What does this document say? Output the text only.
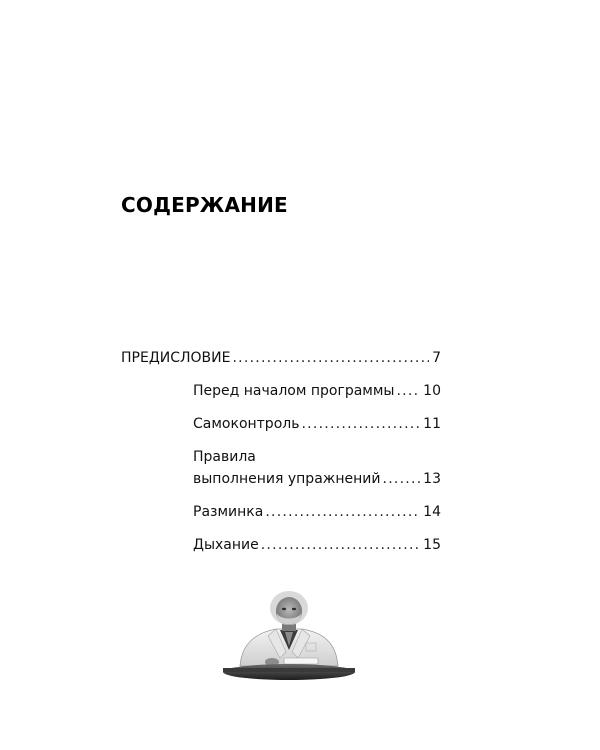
СОДЕРЖАНИЕ
ПРЕДИСЛОВИЕ . . .	7
Перед началом программы . . . 10
Самоконтроль . . .	11
Правила
выполнения упражнений . . .	13
Разминка . . .	14
Дыхание . . .	15
